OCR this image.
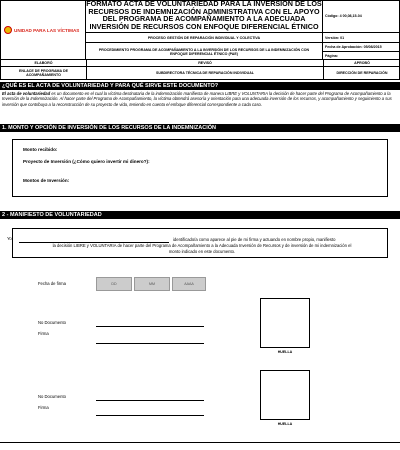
UNIDAD PARA LAS VÍCTIMAS
FORMATO ACTA DE VOLUNTARIEDAD PARA LA INVERSIÓN DE LOS RECURSOS DE INDEMNIZACIÓN ADMINISTRATIVA CON EL APOYO DEL PROGRAMA DE ACOMPAÑAMIENTO A LA ADECUADA INVERSIÓN DE RECURSOS CON ENFOQUE DIFERENCIAL ÉTNICO
PROCESO GESTIÓN DE REPARACIÓN INDIVIDUAL Y COLECTIVA
PROCEDIMIENTO PROGRAMA DE ACOMPAÑAMIENTO A LA INVERSIÓN DE LOS RECURSOS DE LA INDEMNIZACIÓN CON ENFOQUE DIFERENCIAL ÉTNICO (PAE)
Código: 4 00,08,15-04
Versión: 01
Fecha de Aprobación: 05/08/2015
Página:
ELABORÓ	REVISÓ	APROBÓ
ENLACE DE PROGRAMA DE ACOMPAÑAMIENTO	SUBDIRECTORA TÉCNICA DE REPARACIÓN INDIVIDUAL	DIRECCIÓN DE REPARACIÓN
¿QUÉ ES EL ACTA DE VOLUNTARIEDAD Y PARA QUÉ SIRVE ESTE DOCUMENTO?
El acta de voluntariedad es un documento en el cual la víctima destinataria de la indemnización manifiesta de manera LIBRE y VOLUNTARIA la decisión de hacer parte del Programa de Acompañamiento a la Inversión de la Indemnización. Al hacer parte del Programa de Acompañamiento, la víctima obtendrá asesoría y orientación para una adecuada inversión de los recursos, y acompañamiento y seguimiento a sus inversión que contribuya a la reconstrucción de su proyecto de vida, teniendo en cuenta el enfoque diferencial correspondiente a cada caso.
1. MONTO Y OPCIÓN DE INVERSIÓN DE LOS RECURSOS DE LA INDEMNIZACIÓN
Monto recibido:
Proyecto de Inversión (¿Cómo quiero invertir mi dinero?):
Montos de Inversión:
2 - MANIFIESTO DE VOLUNTARIEDAD
Yo	identificado/a como aparece al pie de mi firma y actuando en nombre propio, manifiesto
la decisión LIBRE y VOLUNTARIA de hacer parte del Programa de Acompañamiento a la Adecuada Inversión de Recursos y de inversión de mi indemnización el
monto indicado en este documento.
Fecha de firma	DD	MM	AAAA
No Documento
Firma
HUELLA
No Documento
Firma
HUELLA
